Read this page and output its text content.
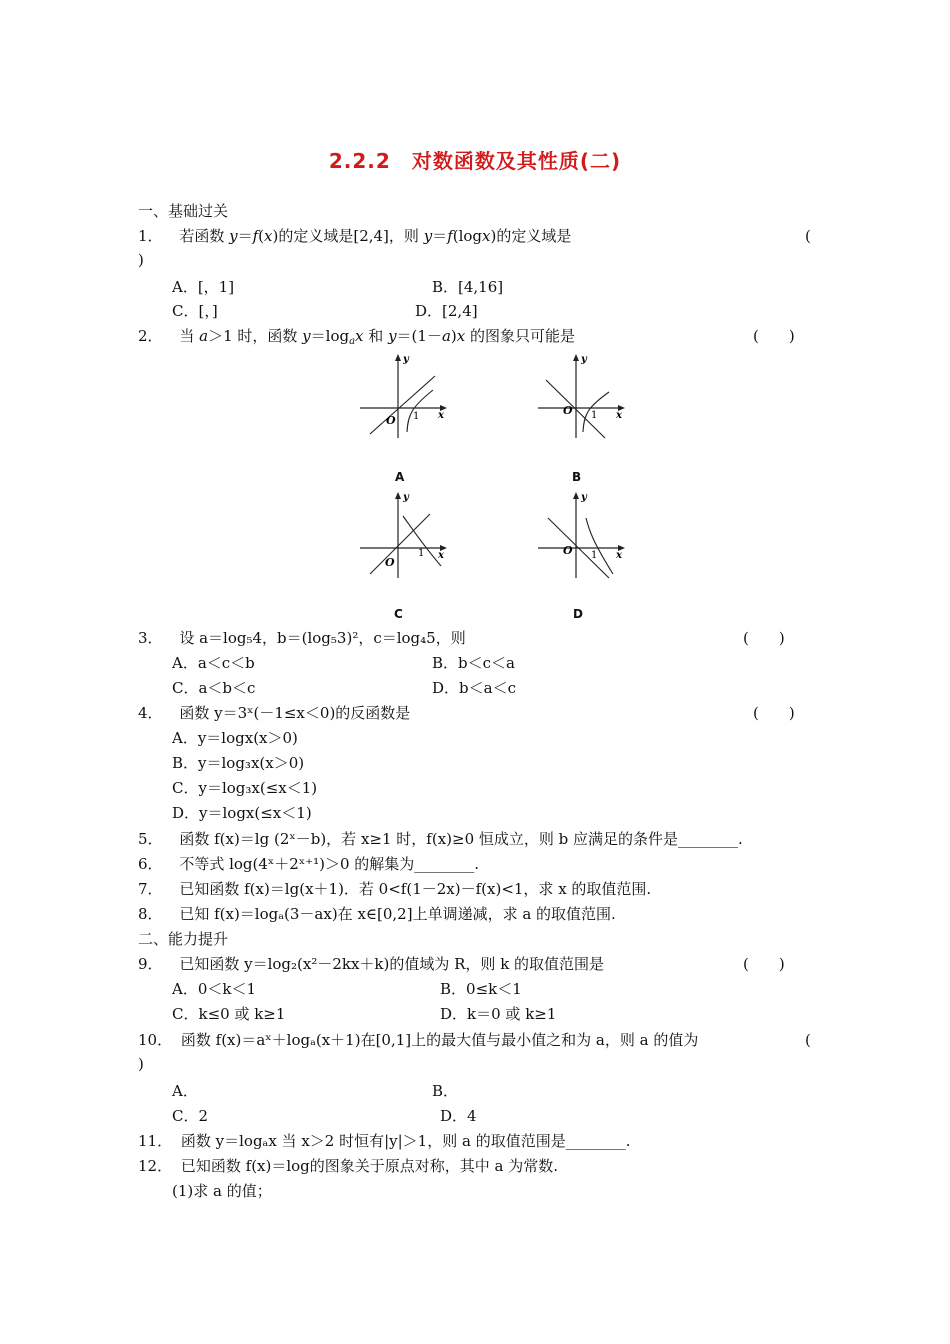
2.2.2　对数函数及其性质(二)
一、基础过关
1． 若函数 y＝f(x)的定义域是[2,4]，则 y＝f(logx)的定义域是	(
)
A．[，1]	B．[4,16]
C．[，]	D．[2,4]
2． 当 a＞1 时，函数 $y=\log_ax$ 和 y＝(1－a)x 的图象只可能是	(　　)
y
x
O 1
A
y
x
O 1
B
y
x
O
1
C
y
x
O 1
D
3． 设 a＝log₅4，b＝(log₅3)²，c＝log₄5，则	(　　)
A．a＜c＜b	B．b＜c＜a
C．a＜b＜c	D．b＜a＜c
4． 函数 y＝3ˣ(－1≤x＜0)的反函数是	(　　)
A．y＝logx(x＞0)
B．y＝log₃x(x＞0)
C．y＝log₃x(≤x＜1)
D．y＝logx(≤x＜1)
5． 函数 f(x)＝lg (2ˣ－b)，若 x≥1 时，f(x)≥0 恒成立，则 b 应满足的条件是________.
6． 不等式 log(4ˣ＋2ˣ⁺¹)＞0 的解集为________.
7． 已知函数 f(x)＝lg(x＋1)．若 0<f(1－2x)－f(x)<1，求 x 的取值范围.
8． 已知 f(x)＝logₐ(3－ax)在 x∈[0,2]上单调递减，求 a 的取值范围.
二、能力提升
9． 已知函数 y＝log₂(x²－2kx＋k)的值域为 R，则 k 的取值范围是	(　　)
A．0＜k＜1	B．0≤k＜1
C．k≤0 或 k≥1	D．k＝0 或 k≥1
10． 函数 f(x)＝aˣ＋logₐ(x＋1)在[0,1]上的最大值与最小值之和为 a，则 a 的值为	(
)
A．	B．
C．2	D．4
11． 函数 y＝logₐx 当 x＞2 时恒有|y|＞1，则 a 的取值范围是________.
12． 已知函数 f(x)＝log的图象关于原点对称，其中 a 为常数.
(1)求 a 的值；
